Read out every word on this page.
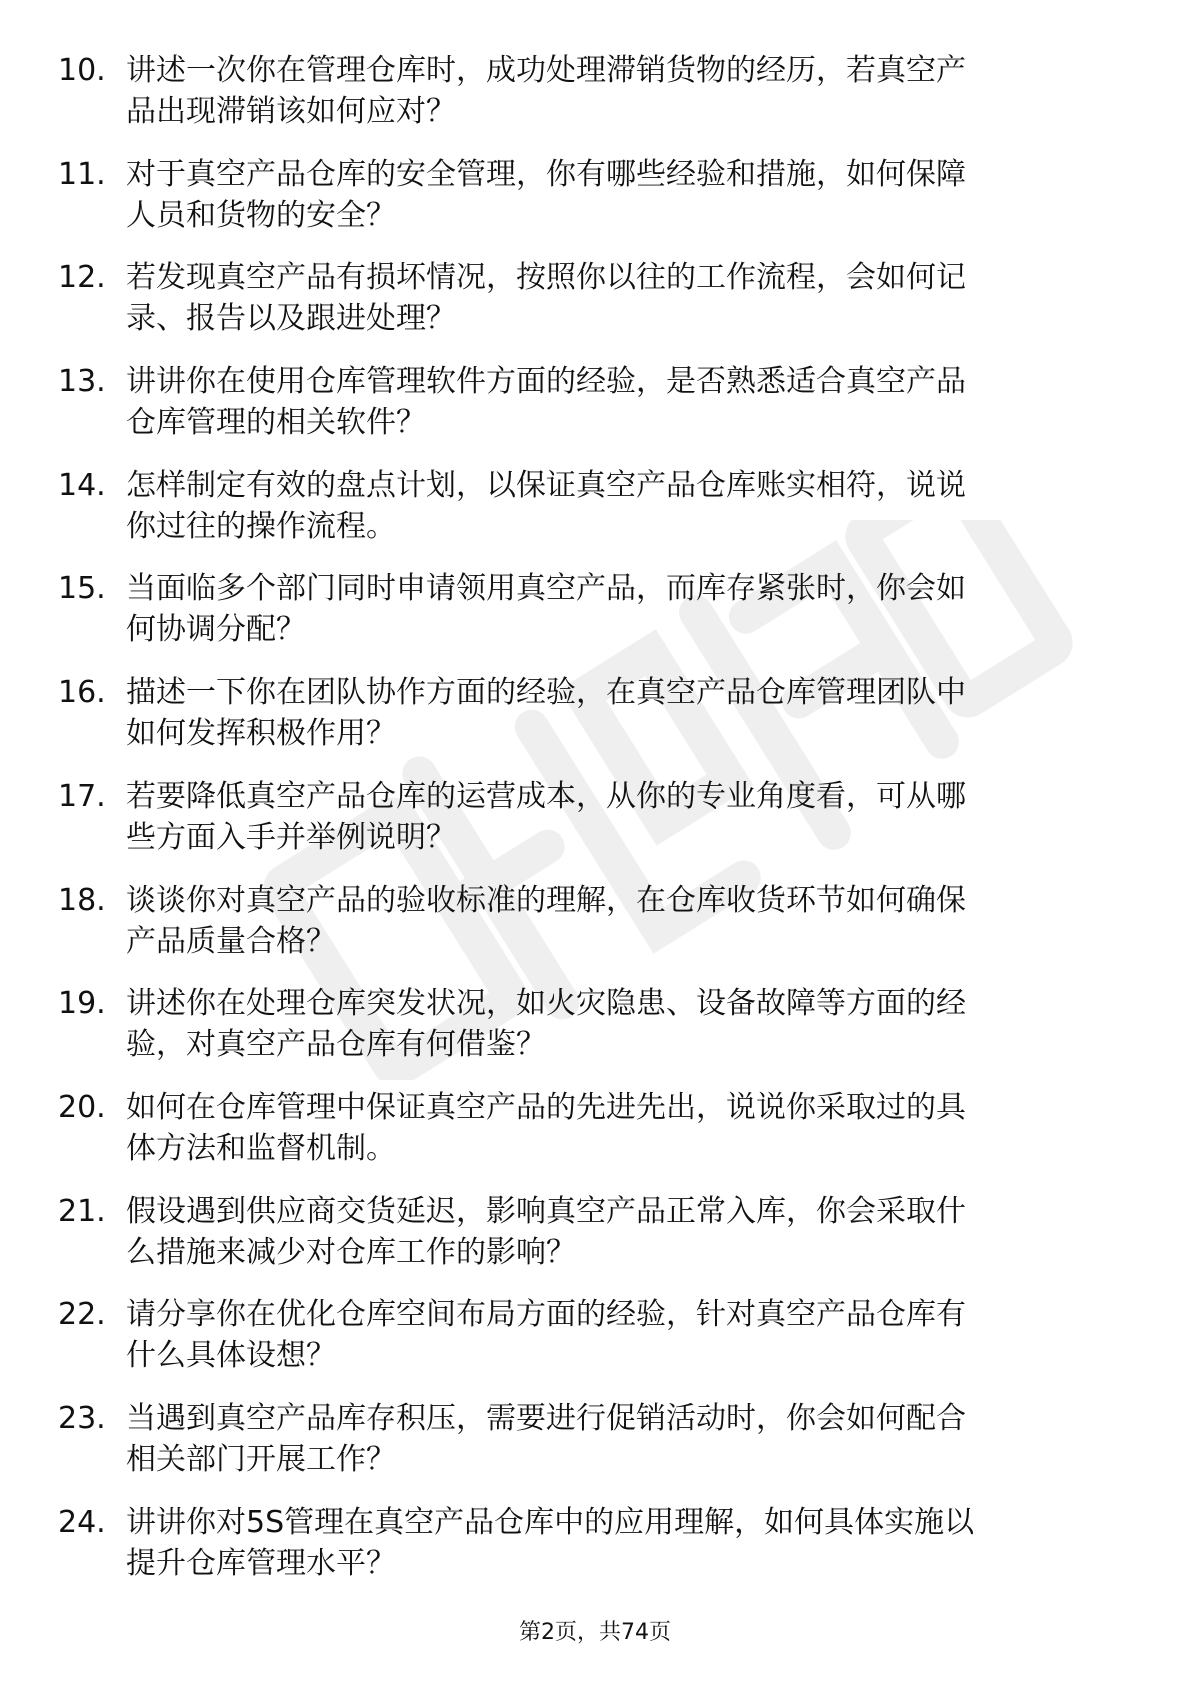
10. 讲述一次你在管理仓库时，成功处理滞销货物的经历，若真空产
品出现滞销该如何应对？
11. 对于真空产品仓库的安全管理，你有哪些经验和措施，如何保障
人员和货物的安全？
12. 若发现真空产品有损坏情况，按照你以往的工作流程，会如何记
录、报告以及跟进处理？
13. 讲讲你在使用仓库管理软件方面的经验，是否熟悉适合真空产品
仓库管理的相关软件？
14. 怎样制定有效的盘点计划，以保证真空产品仓库账实相符，说说
你过往的操作流程。
15. 当面临多个部门同时申请领用真空产品，而库存紧张时，你会如
何协调分配？
16. 描述一下你在团队协作方面的经验，在真空产品仓库管理团队中
如何发挥积极作用？
17. 若要降低真空产品仓库的运营成本，从你的专业角度看，可从哪
些方面入手并举例说明？
18. 谈谈你对真空产品的验收标准的理解，在仓库收货环节如何确保
产品质量合格？
19. 讲述你在处理仓库突发状况，如火灾隐患、设备故障等方面的经
验，对真空产品仓库有何借鉴？
20. 如何在仓库管理中保证真空产品的先进先出，说说你采取过的具
体方法和监督机制。
21. 假设遇到供应商交货延迟，影响真空产品正常入库，你会采取什
么措施来减少对仓库工作的影响？
22. 请分享你在优化仓库空间布局方面的经验，针对真空产品仓库有
什么具体设想？
23. 当遇到真空产品库存积压，需要进行促销活动时，你会如何配合
相关部门开展工作？
24. 讲讲你对5S管理在真空产品仓库中的应用理解，如何具体实施以
提升仓库管理水平？
第2页，共74页
